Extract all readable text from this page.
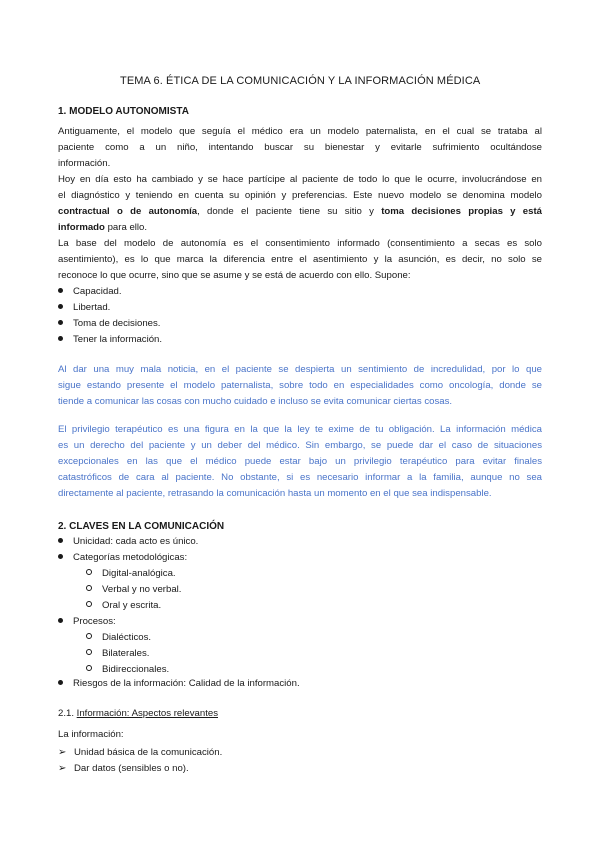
TEMA 6. ÉTICA DE LA COMUNICACIÓN Y LA INFORMACIÓN MÉDICA
1. MODELO AUTONOMISTA
Antiguamente, el modelo que seguía el médico era un modelo paternalista, en el cual se trataba al
paciente como a un niño, intentando buscar su bienestar y evitarle sufrimiento ocultándose
información.
Hoy en día esto ha cambiado y se hace partícipe al paciente de todo lo que le ocurre, involucrándose en
el diagnóstico y teniendo en cuenta su opinión y preferencias. Este nuevo modelo se denomina modelo
contractual o de autonomía, donde el paciente tiene su sitio y toma decisiones propias y está
informado para ello.
La base del modelo de autonomía es el consentimiento informado (consentimiento a secas es solo
asentimiento), es lo que marca la diferencia entre el asentimiento y la asunción, es decir, no solo se
reconoce lo que ocurre, sino que se asume y se está de acuerdo con ello. Supone:
Capacidad.
Libertad.
Toma de decisiones.
Tener la información.
Al dar una muy mala noticia, en el paciente se despierta un sentimiento de incredulidad, por lo que
sigue estando presente el modelo paternalista, sobre todo en especialidades como oncología, donde se
tiende a comunicar las cosas con mucho cuidado e incluso se evita comunicar ciertas cosas.
El privilegio terapéutico es una figura en la que la ley te exime de tu obligación. La información médica
es un derecho del paciente y un deber del médico. Sin embargo, se puede dar el caso de situaciones
excepcionales en las que el médico puede estar bajo un privilegio terapéutico para evitar finales
catastróficos de cara al paciente. No obstante, si es necesario informar a la familia, aunque no sea
directamente al paciente, retrasando la comunicación hasta un momento en el que sea indispensable.
2. CLAVES EN LA COMUNICACIÓN
Unicidad: cada acto es único.
Categorías metodológicas:
Digital-analógica.
Verbal y no verbal.
Oral y escrita.
Procesos:
Dialécticos.
Bilaterales.
Bidireccionales.
Riesgos de la información: Calidad de la información.
2.1. Información: Aspectos relevantes
La información:
➢ Unidad básica de la comunicación.
➢ Dar datos (sensibles o no).
